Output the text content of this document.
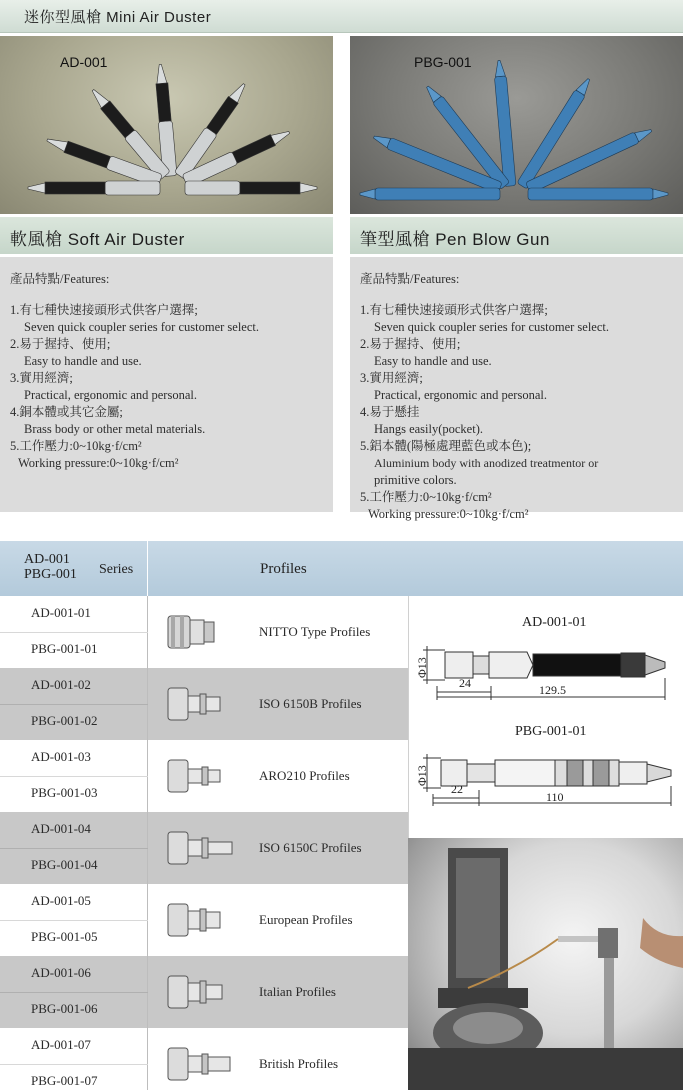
迷你型風槍 Mini Air Duster
AD-001	PBG-001
軟風槍 Soft Air Duster	筆型風槍 Pen Blow Gun
產品特點/Features:
1.有七種快速接頭形式供客户選擇;
Seven quick coupler series for customer select.
2.易于握持、使用;
Easy to handle and use.
3.實用經濟;
Practical, ergonomic and personal.
4.銅本體或其它金屬;
Brass body or other metal materials.
5.工作壓力:0~10kg·f/cm²
Working pressure:0~10kg·f/cm²
產品特點/Features:
1.有七種快速接頭形式供客户選擇;
Seven quick coupler series for customer select.
2.易于握持、使用;
Easy to handle and use.
3.實用經濟;
Practical, ergonomic and personal.
4.易于懸挂
Hangs easily(pocket).
5.鋁本體(陽極處理藍色或本色);
Aluminium body with anodized treatmentor or
primitive colors.
5.工作壓力:0~10kg·f/cm²
Working pressure:0~10kg·f/cm²
AD-001
PBG-001 Series	Profiles
AD-001-01
PBG-001-01
NITTO Type Profiles
AD-001-02
PBG-001-02
ISO 6150B Profiles
AD-001-03
PBG-001-03
ARO210 Profiles
AD-001-04
PBG-001-04
ISO 6150C Profiles
AD-001-05
PBG-001-05
European Profiles
AD-001-06
PBG-001-06
Italian Profiles
AD-001-07
PBG-001-07
British Profiles
AD-001-01
PBG-001-01
Φ13
24	129.5
Φ13
22
110
